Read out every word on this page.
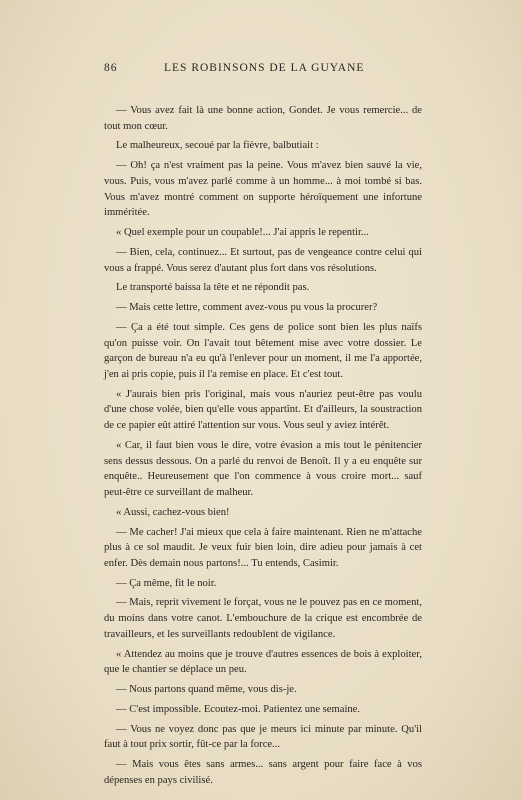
86	LES ROBINSONS DE LA GUYANE

— Vous avez fait là une bonne action, Gondet. Je vous remercie... de tout mon cœur.

Le malheureux, secoué par la fièvre, balbutiait :

— Oh! ça n'est vraiment pas la peine. Vous m'avez bien sauvé la vie, vous. Puis, vous m'avez parlé comme à un homme... à moi tombé si bas. Vous m'avez montré comment on supporte héroïquement une infortune imméritée.

« Quel exemple pour un coupable!... J'ai appris le repentir...

— Bien, cela, continuez... Et surtout, pas de vengeance contre celui qui vous a frappé. Vous serez d'autant plus fort dans vos résolutions.

Le transporté baissa la tête et ne répondit pas.

— Mais cette lettre, comment avez-vous pu vous la procurer?

— Ça a été tout simple. Ces gens de police sont bien les plus naïfs qu'on puisse voir. On l'avait tout bêtement mise avec votre dossier. Le garçon de bureau n'a eu qu'à l'enlever pour un moment, il me l'a apportée, j'en ai pris copie, puis il l'a remise en place. Et c'est tout.

« J'aurais bien pris l'original, mais vous n'auriez peut-être pas voulu d'une chose volée, bien qu'elle vous appartînt. Et d'ailleurs, la soustraction de ce papier eût attiré l'attention sur vous. Vous seul y aviez intérêt.

« Car, il faut bien vous le dire, votre évasion a mis tout le pénitencier sens dessus dessous. On a parlé du renvoi de Benoît. Il y a eu enquête sur enquête.. Heureusement que l'on commence à vous croire mort... sauf peut-être ce surveillant de malheur.

« Aussi, cachez-vous bien!

— Me cacher! J'ai mieux que cela à faire maintenant. Rien ne m'attache plus à ce sol maudit. Je veux fuir bien loin, dire adieu pour jamais à cet enfer. Dès demain nous partons!... Tu entends, Casimir.

— Ça même, fit le noir.

— Mais, reprit vivement le forçat, vous ne le pouvez pas en ce moment, du moins dans votre canot. L'embouchure de la crique est encombrée de travailleurs, et les surveillants redoublent de vigilance.

« Attendez au moins que je trouve d'autres essences de bois à exploiter, que le chantier se déplace un peu.

— Nous partons quand même, vous dis-je.

— C'est impossible. Ecoutez-moi. Patientez une semaine.

— Vous ne voyez donc pas que je meurs ici minute par minute. Qu'il faut à tout prix sortir, fût-ce par la force...

— Mais vous êtes sans armes... sans argent pour faire face à vos dépenses en pays civilisé.
